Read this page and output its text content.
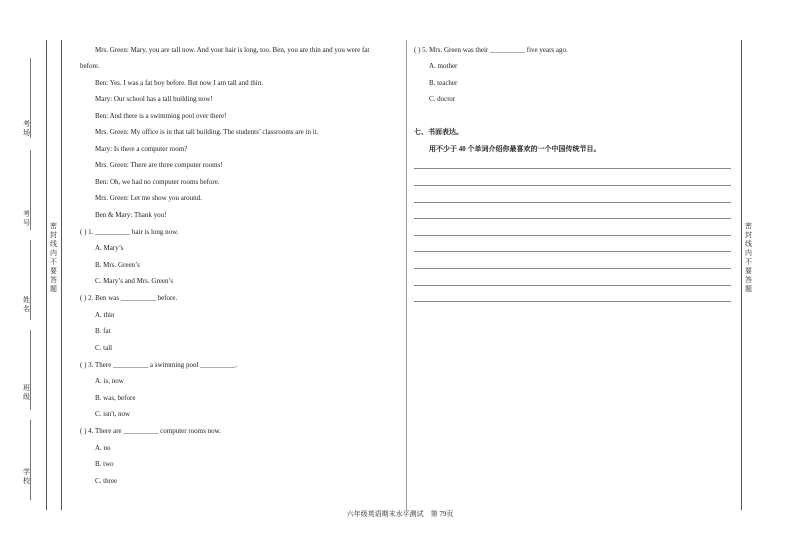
考场
考号
姓名
班级
学校
密封线内不要答题
密封线内不要答题
Mrs. Green: Mary, you are tall now. And your hair is long, too. Ben, you are thin and you were fat
before.
Ben: Yes. I was a fat boy before. But now I am tall and thin.
Mary: Our school has a tall building now!
Ben: And there is a swimming pool over there!
Mrs. Green: My office is in that tall building. The students’ classrooms are in it.
Mary: Is there a computer room?
Mrs. Green: There are three computer rooms!
Ben: Oh, we had no computer rooms before.
Mrs. Green: Let me show you around.
Ben & Mary: Thank you!
( ) 1. __________ hair is long now.
A. Mary’s
B. Mrs. Green’s
C. Mary’s and Mrs. Green’s
( ) 2. Ben was __________ before.
A. thin
B. fat
C. tall
( ) 3. There __________ a swimming pool __________.
A. is, now
B. was, before
C. isn't, now
( ) 4. There are __________ computer rooms now.
A. no
B. two
C. three
( ) 5. Mrs. Green was their __________ five years ago.
A. mother
B. teacher
C. doctor
七、书面表达。
用不少于 40 个单词介绍你最喜欢的一个中国传统节目。
六年级英语期末水平测试　第 79页
